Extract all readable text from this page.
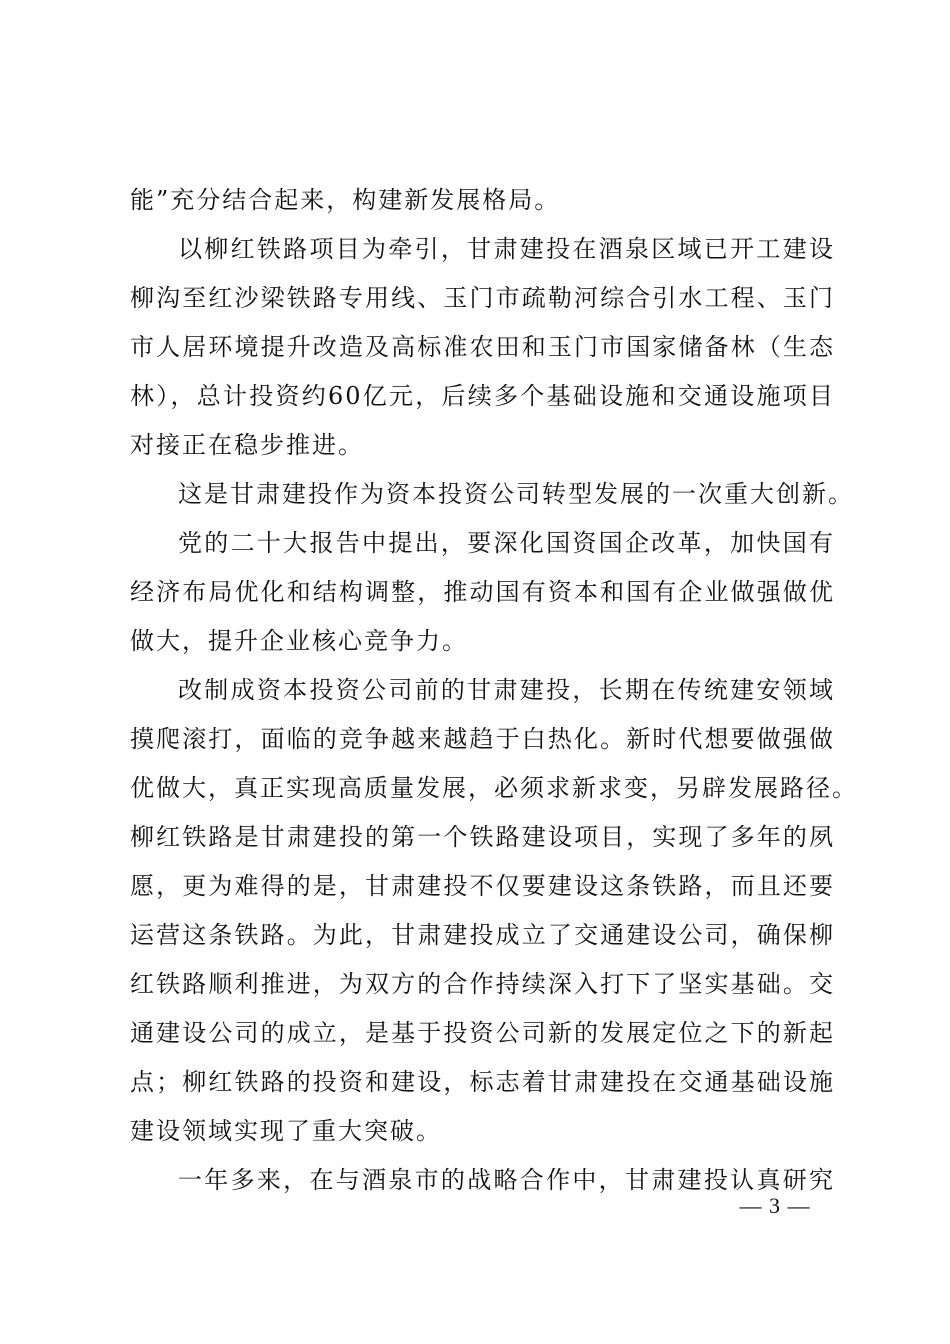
能”充分结合起来，构建新发展格局。
以柳红铁路项目为牵引，甘肃建投在酒泉区域已开工建设
柳沟至红沙梁铁路专用线、玉门市疏勒河综合引水工程、玉门
市人居环境提升改造及高标准农田和玉门市国家储备林（生态
林），总计投资约60亿元，后续多个基础设施和交通设施项目
对接正在稳步推进。
这是甘肃建投作为资本投资公司转型发展的一次重大创新。
党的二十大报告中提出，要深化国资国企改革，加快国有
经济布局优化和结构调整，推动国有资本和国有企业做强做优
做大，提升企业核心竞争力。
改制成资本投资公司前的甘肃建投，长期在传统建安领域
摸爬滚打，面临的竞争越来越趋于白热化。新时代想要做强做
优做大，真正实现高质量发展，必须求新求变，另辟发展路径。
柳红铁路是甘肃建投的第一个铁路建设项目，实现了多年的夙
愿，更为难得的是，甘肃建投不仅要建设这条铁路，而且还要
运营这条铁路。为此，甘肃建投成立了交通建设公司，确保柳
红铁路顺利推进，为双方的合作持续深入打下了坚实基础。交
通建设公司的成立，是基于投资公司新的发展定位之下的新起
点；柳红铁路的投资和建设，标志着甘肃建投在交通基础设施
建设领域实现了重大突破。
一年多来，在与酒泉市的战略合作中，甘肃建投认真研究
— 3 —
